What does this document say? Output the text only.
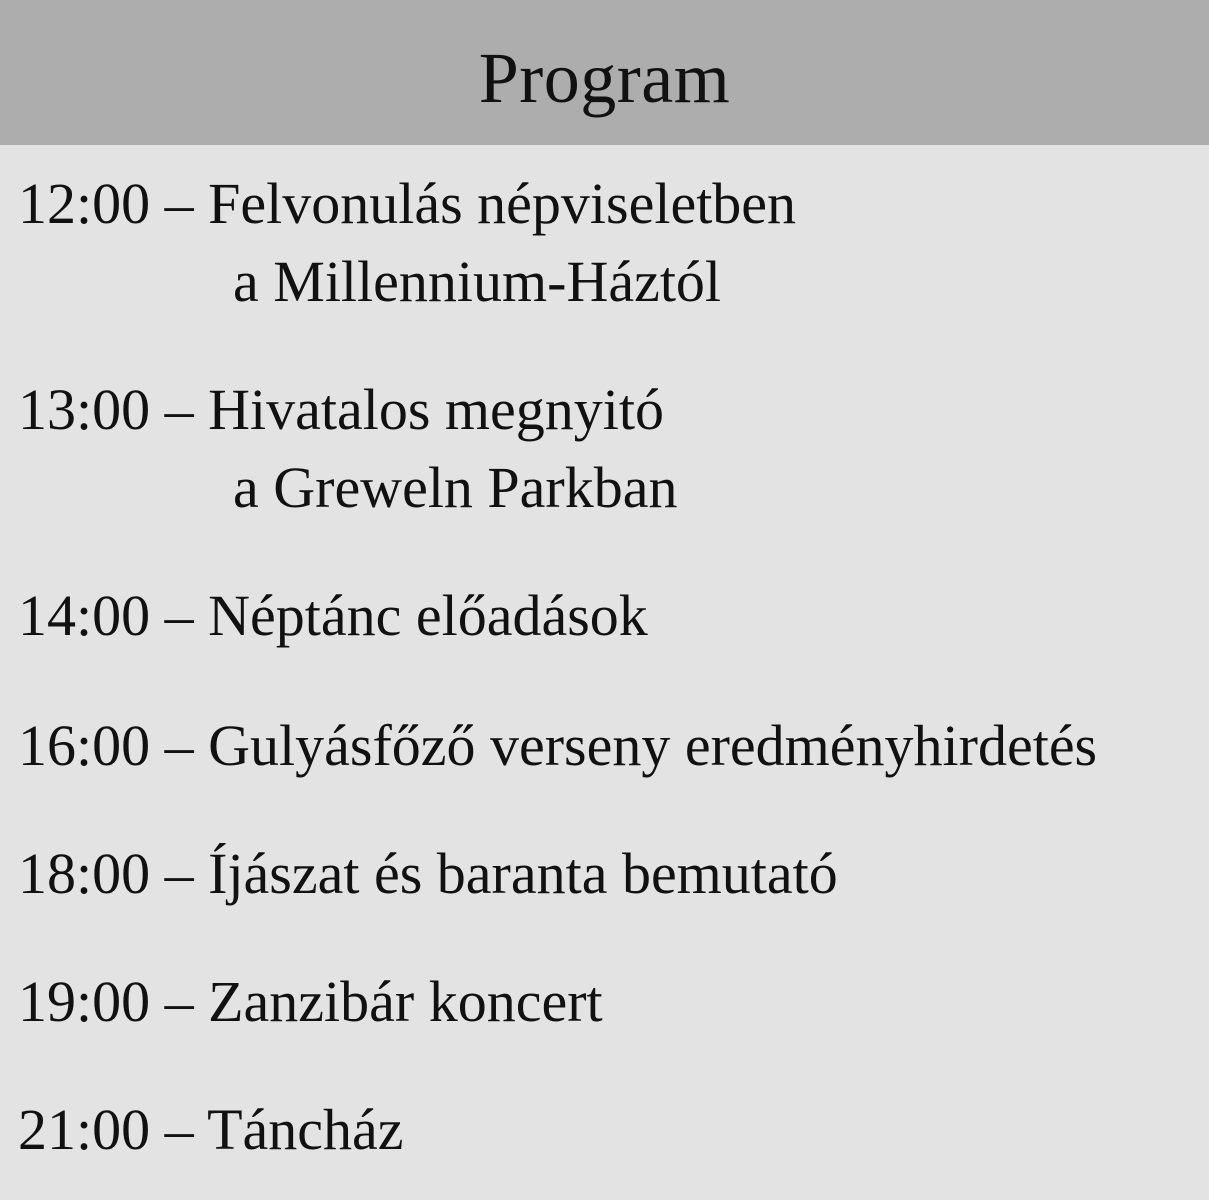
Program
12:00 – Felvonulás népviseletben
a Millennium-Háztól
13:00 – Hivatalos megnyitó
a Greweln Parkban
14:00 – Néptánc előadások
16:00 – Gulyásfőző verseny eredményhirdetés
18:00 – Íjászat és baranta bemutató
19:00 – Zanzibár koncert
21:00 – Táncház
